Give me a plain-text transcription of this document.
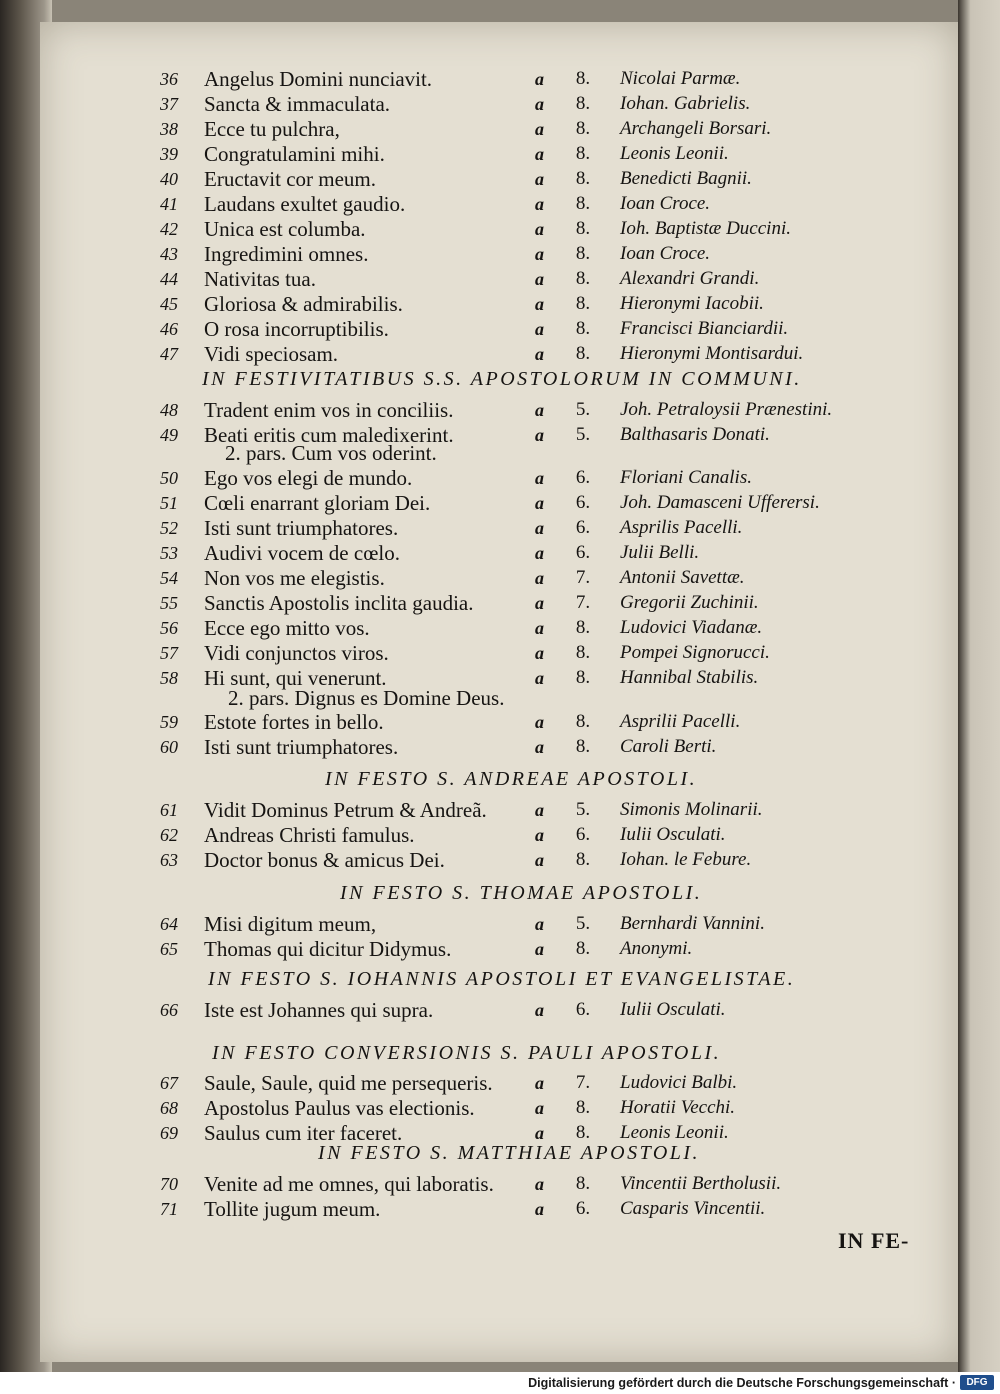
36	Angelus Domini nunciavit.	a	8.	Nicolai Parmæ.
37	Sancta & immaculata.	a	8.	Iohan. Gabrielis.
38	Ecce tu pulchra,	a	8.	Archangeli Borsari.
39	Congratulamini mihi.	a	8.	Leonis Leonii.
40	Eructavit cor meum.	a	8.	Benedicti Bagnii.
41	Laudans exultet gaudio.	a	8.	Ioan Croce.
42	Unica est columba.	a	8.	Ioh. Baptistæ Duccini.
43	Ingredimini omnes.	a	8.	Ioan Croce.
44	Nativitas tua.	a	8.	Alexandri Grandi.
45	Gloriosa & admirabilis.	a	8.	Hieronymi Iacobii.
46	O rosa incorruptibilis.	a	8.	Francisci Bianciardii.
47	Vidi speciosam.	a	8.	Hieronymi Montisardui.
48	Tradent enim vos in conciliis.	a	5.	Joh. Petraloysii Prænestini.
49	Beati eritis cum maledixerint.	a	5.	Balthasaris Donati.
50	Ego vos elegi de mundo.	a	6.	Floriani Canalis.
51	Cœli enarrant gloriam Dei.	a	6.	Joh. Damasceni Ufferersi.
52	Isti sunt triumphatores.	a	6.	Asprilis Pacelli.
53	Audivi vocem de cœlo.	a	6.	Julii Belli.
54	Non vos me elegistis.	a	7.	Antonii Savettæ.
55	Sanctis Apostolis inclita gaudia.	a	7.	Gregorii Zuchinii.
56	Ecce ego mitto vos.	a	8.	Ludovici Viadanæ.
57	Vidi conjunctos viros.	a	8.	Pompei Signorucci.
58	Hi sunt, qui venerunt.	a	8.	Hannibal Stabilis.
59	Estote fortes in bello.	a	8.	Asprilii Pacelli.
60	Isti sunt triumphatores.	a	8.	Caroli Berti.
61	Vidit Dominus Petrum & Andreã.	a	5.	Simonis Molinarii.
62	Andreas Christi famulus.	a	6.	Iulii Osculati.
63	Doctor bonus & amicus Dei.	a	8.	Iohan. le Febure.
64	Misi digitum meum,	a	5.	Bernhardi Vannini.
65	Thomas qui dicitur Didymus.	a	8.	Anonymi.
66	Iste est Johannes qui supra.	a	6.	Iulii Osculati.
67	Saule, Saule, quid me persequeris. a	7.	Ludovici Balbi.
68	Apostolus Paulus vas electionis.	a	8.	Horatii Vecchi.
69	Saulus cum iter faceret.	a	8.	Leonis Leonii.
70	Venite ad me omnes, qui laboratis. a	8.	Vincentii Bertholusii.
71	Tollite jugum meum.	a	6.	Casparis Vincentii.
IN FESTIVITATIBUS S.S. APOSTOLORUM IN COMMUNI.
2. pars. Cum vos oderint.
2. pars. Dignus es Domine Deus.
IN FESTO S. ANDREAE APOSTOLI.
IN FESTO S. THOMAE APOSTOLI.
IN FESTO S. IOHANNIS APOSTOLI ET EVANGELISTAE.
IN FESTO CONVERSIONIS S. PAULI APOSTOLI.
IN FESTO S. MATTHIAE APOSTOLI.
IN FE-
Digitalisierung gefördert durch die Deutsche Forschungsgemeinschaft ·	DFG
